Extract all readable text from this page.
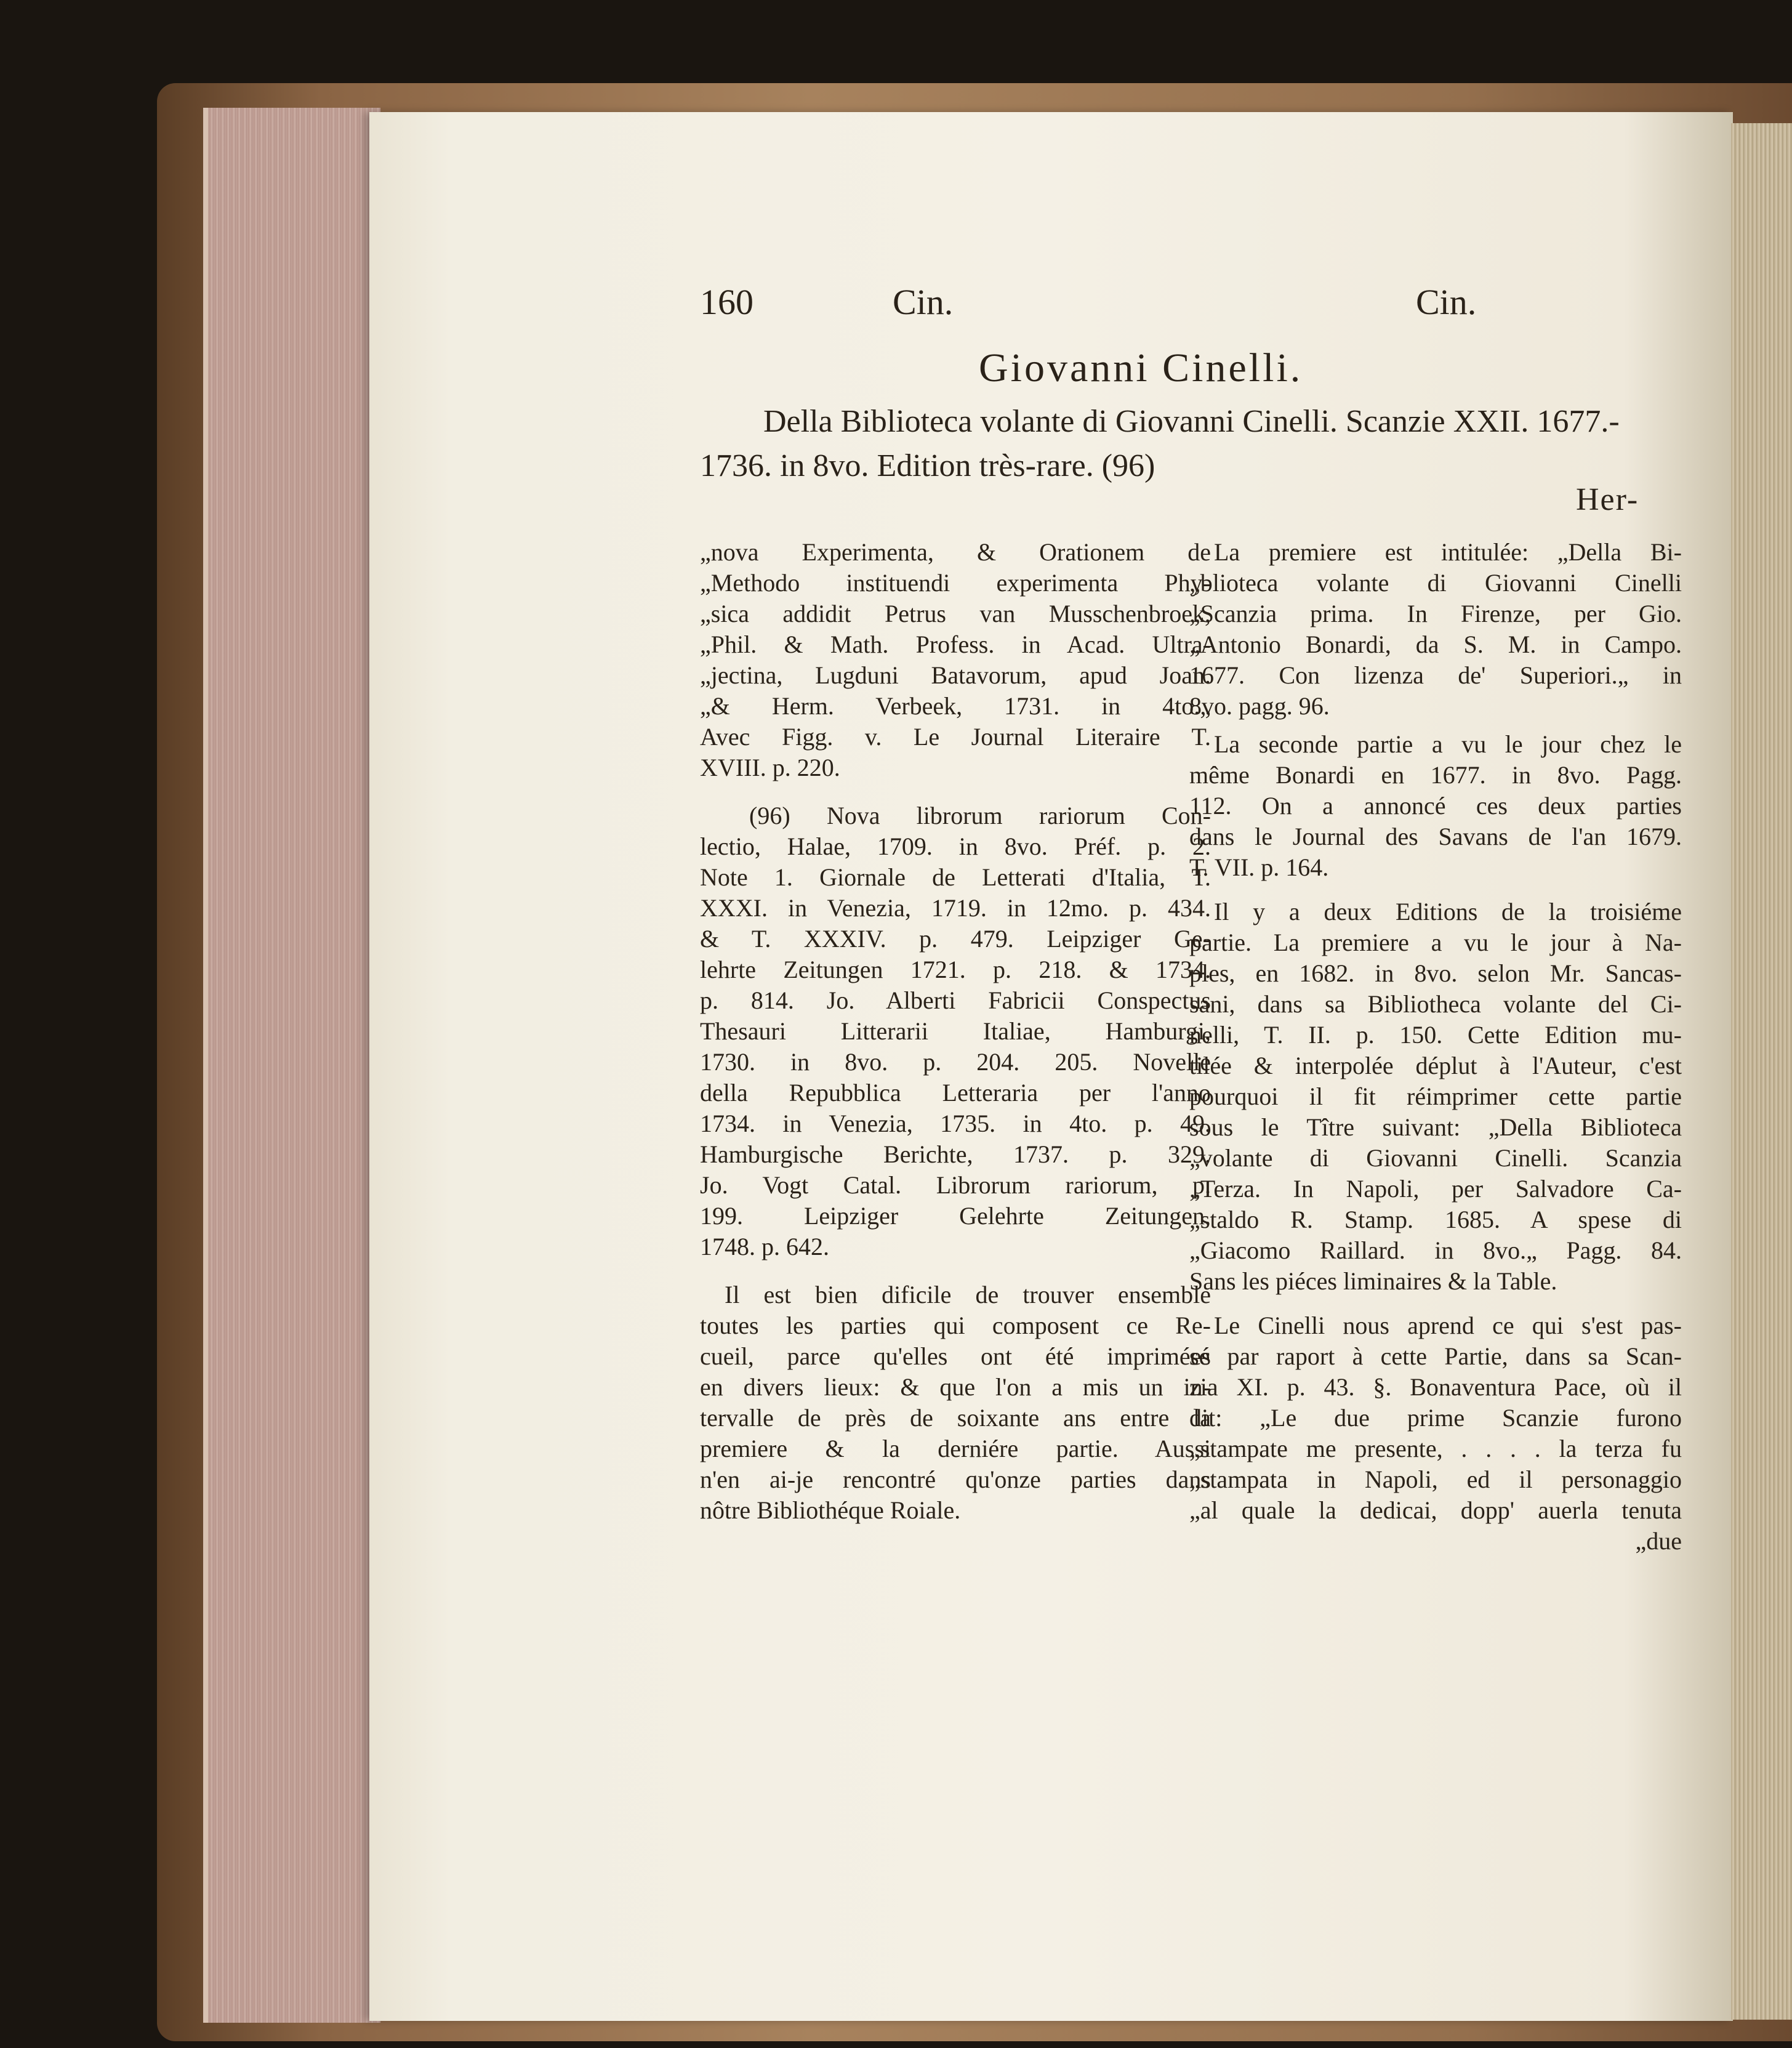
160	Cin.	Cin.
Giovanni Cinelli.
Della Biblioteca volante di Giovanni Cinelli. Scanzie XXII. 1677.-
1736. in 8vo. Edition très-rare. (96)
Her-
„nova Experimenta, & Orationem de
„Methodo instituendi experimenta Phy-
„sica addidit Petrus van Musschenbroek,
„Phil. & Math. Profess. in Acad. Ultra-
„jectina, Lugduni Batavorum, apud Joan.
„& Herm. Verbeek, 1731. in 4to.„
Avec Figg. v. Le Journal Literaire T.
XVIII. p. 220.
(96) Nova librorum rariorum Con-
lectio, Halae, 1709. in 8vo. Préf. p. 2.
Note 1. Giornale de Letterati d'Italia, T.
XXXI. in Venezia, 1719. in 12mo. p. 434.
& T. XXXIV. p. 479. Leipziger Ge-
lehrte Zeitungen 1721. p. 218. & 1734.
p. 814. Jo. Alberti Fabricii Conspectus
Thesauri Litterarii Italiae, Hamburgi,
1730. in 8vo. p. 204. 205. Novelle
della Repubblica Letteraria per l'anno
1734. in Venezia, 1735. in 4to. p. 49.
Hamburgische Berichte, 1737. p. 329.
Jo. Vogt Catal. Librorum rariorum, p.
199. Leipziger Gelehrte Zeitungen,
1748. p. 642.
Il est bien dificile de trouver ensemble
toutes les parties qui composent ce Re-
cueil, parce qu'elles ont été imprimées
en divers lieux: & que l'on a mis un in-
tervalle de près de soixante ans entre la
premiere & la derniére partie. Aussi
n'en ai-je rencontré qu'onze parties dans
nôtre Bibliothéque Roiale.
La premiere est intitulée: „Della Bi-
„blioteca volante di Giovanni Cinelli
„Scanzia prima. In Firenze, per Gio.
„Antonio Bonardi, da S. M. in Campo.
1677. Con lizenza de' Superiori.„ in
8vo. pagg. 96.
La seconde partie a vu le jour chez le
même Bonardi en 1677. in 8vo. Pagg.
112. On a annoncé ces deux parties
dans le Journal des Savans de l'an 1679.
T. VII. p. 164.
Il y a deux Editions de la troisiéme
partie. La premiere a vu le jour à Na-
ples, en 1682. in 8vo. selon Mr. Sancas-
sani, dans sa Bibliotheca volante del Ci-
nelli, T. II. p. 150. Cette Edition mu-
tilée & interpolée déplut à l'Auteur, c'est
pourquoi il fit réimprimer cette partie
sous le Tître suivant: „Della Biblioteca
„volante di Giovanni Cinelli. Scanzia
„Terza. In Napoli, per Salvadore Ca-
„staldo R. Stamp. 1685. A spese di
„Giacomo Raillard. in 8vo.„ Pagg. 84.
Sans les piéces liminaires & la Table.
Le Cinelli nous aprend ce qui s'est pas-
sé par raport à cette Partie, dans sa Scan-
zia XI. p. 43. §. Bonaventura Pace, où il
dit: „Le due prime Scanzie furono
„stampate me presente, . . . . la terza fu
„stampata in Napoli, ed il personaggio
„al quale la dedicai, dopp' auerla tenuta
„due
